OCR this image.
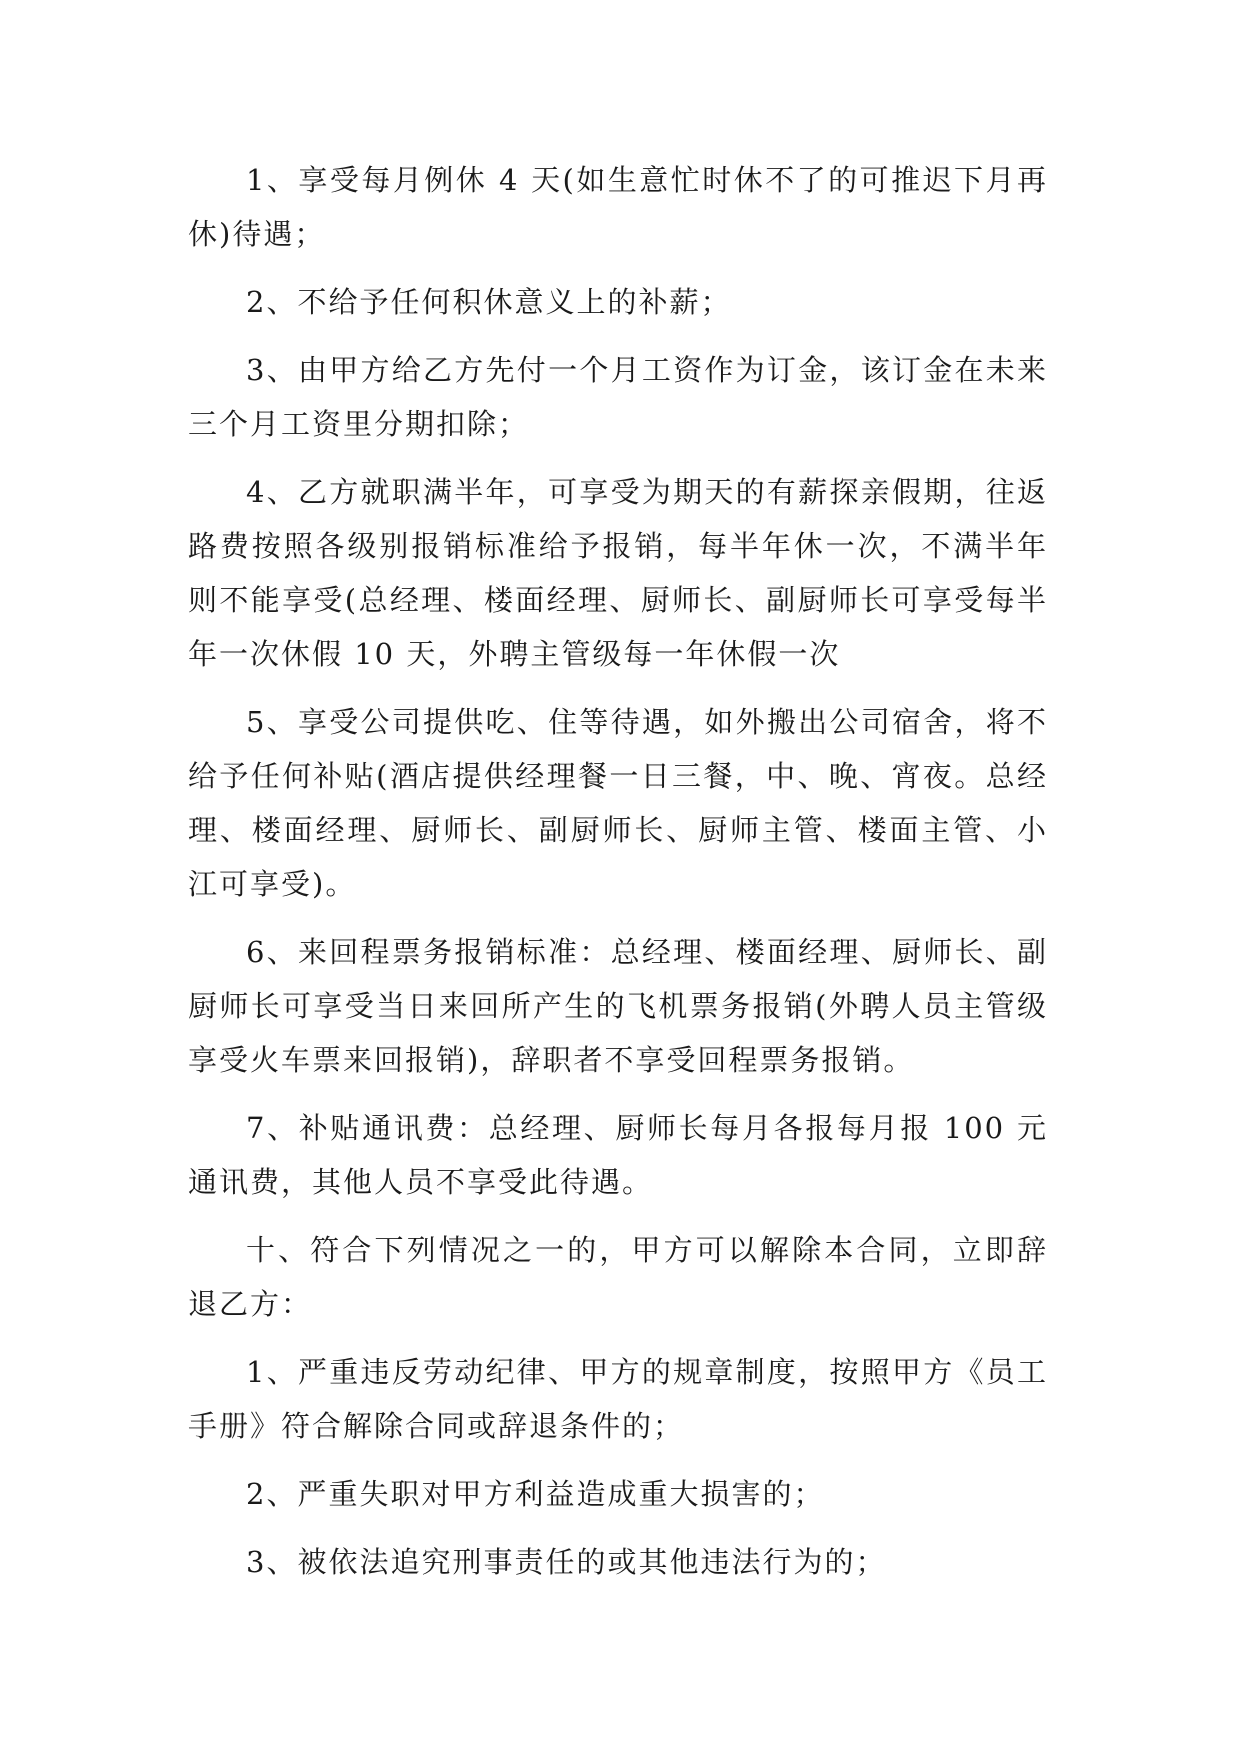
1、享受每月例休 4 天(如生意忙时休不了的可推迟下月再休)待遇；

2、不给予任何积休意义上的补薪；

3、由甲方给乙方先付一个月工资作为订金，该订金在未来三个月工资里分期扣除；

4、乙方就职满半年，可享受为期天的有薪探亲假期，往返路费按照各级别报销标准给予报销，每半年休一次，不满半年则不能享受(总经理、楼面经理、厨师长、副厨师长可享受每半年一次休假 10 天，外聘主管级每一年休假一次

5、享受公司提供吃、住等待遇，如外搬出公司宿舍，将不给予任何补贴(酒店提供经理餐一日三餐，中、晚、宵夜。总经理、楼面经理、厨师长、副厨师长、厨师主管、楼面主管、小江可享受)。

6、来回程票务报销标准：总经理、楼面经理、厨师长、副厨师长可享受当日来回所产生的飞机票务报销(外聘人员主管级享受火车票来回报销)，辞职者不享受回程票务报销。

7、补贴通讯费：总经理、厨师长每月各报每月报 100 元通讯费，其他人员不享受此待遇。

十、符合下列情况之一的，甲方可以解除本合同，立即辞退乙方：

1、严重违反劳动纪律、甲方的规章制度，按照甲方《员工手册》符合解除合同或辞退条件的；

2、严重失职对甲方利益造成重大损害的；

3、被依法追究刑事责任的或其他违法行为的；
